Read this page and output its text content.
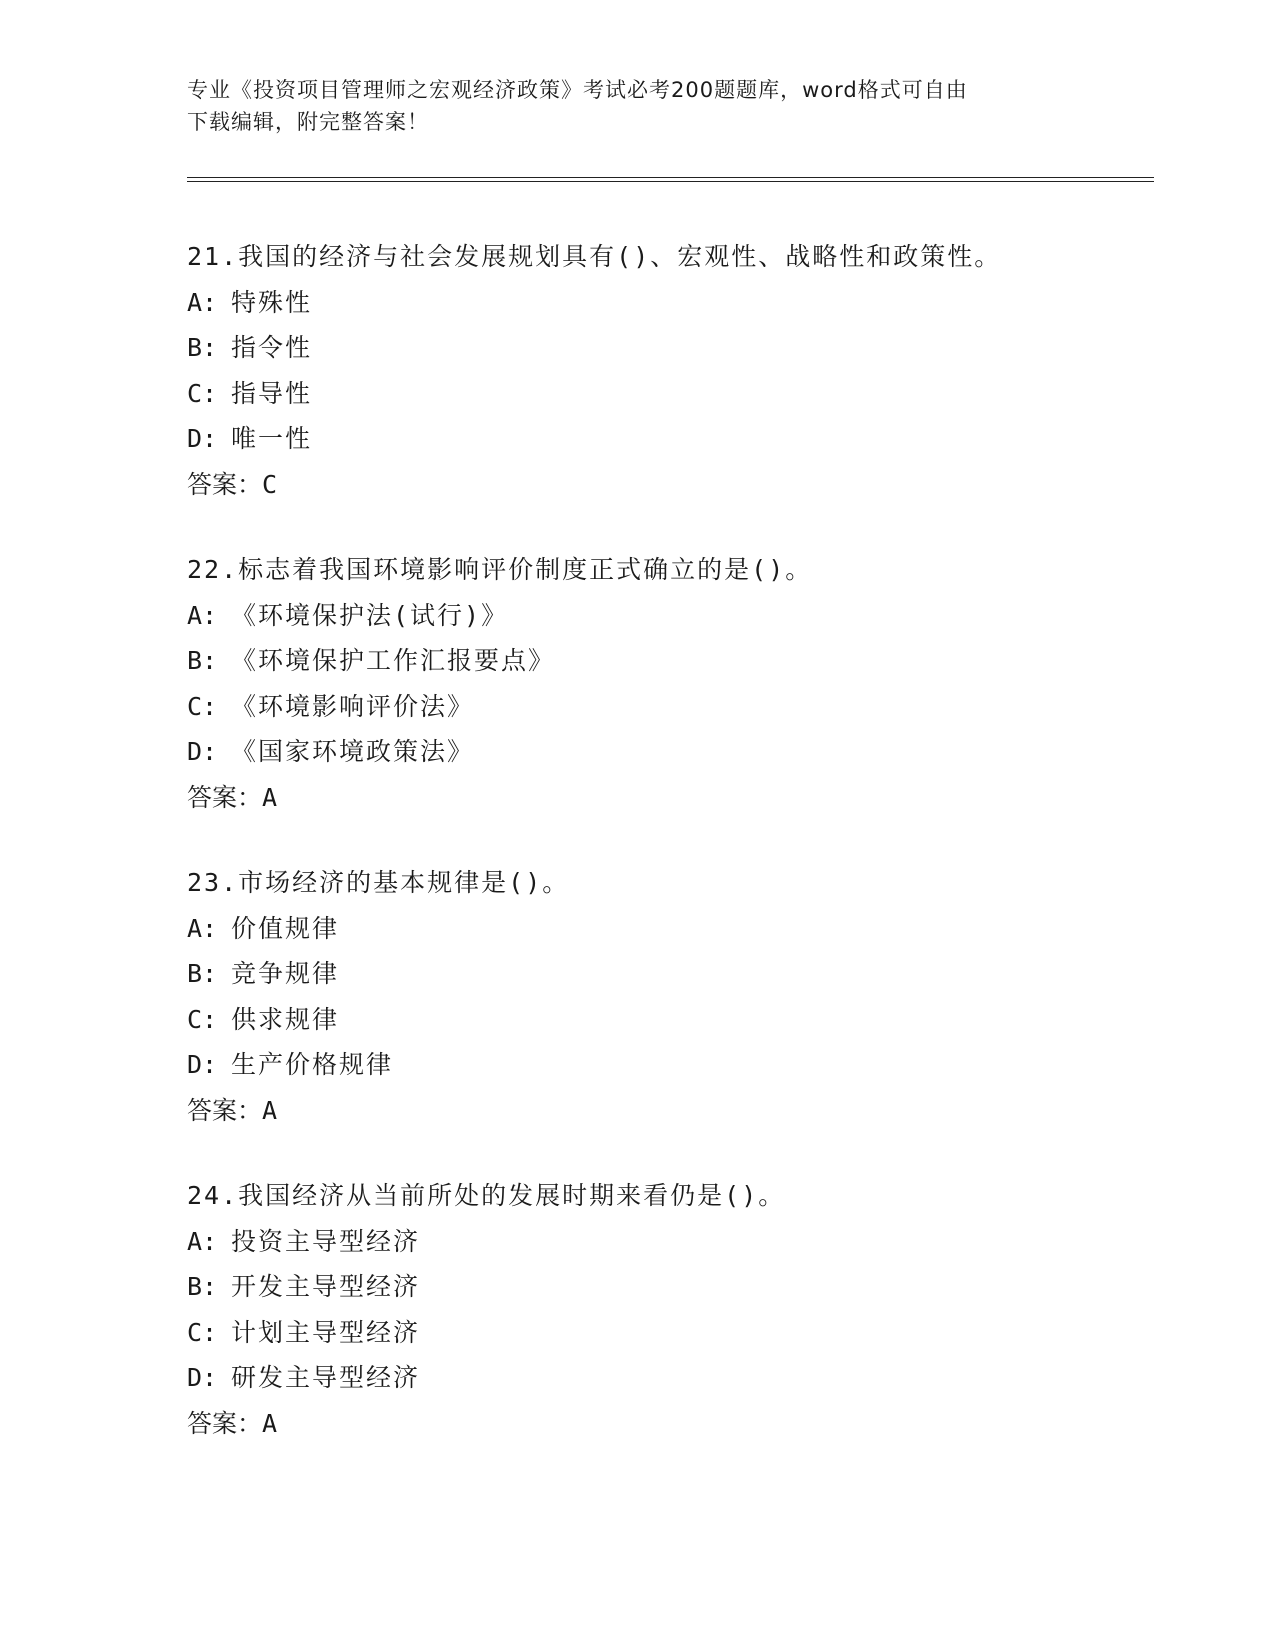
专业《投资项目管理师之宏观经济政策》考试必考200题题库，word格式可自由
下载编辑，附完整答案！
21.我国的经济与社会发展规划具有()、宏观性、战略性和政策性。
A: 特殊性
B: 指令性
C: 指导性
D: 唯一性
答案：C
22.标志着我国环境影响评价制度正式确立的是()。
A: 《环境保护法(试行)》
B: 《环境保护工作汇报要点》
C: 《环境影响评价法》
D: 《国家环境政策法》
答案：A
23.市场经济的基本规律是()。
A: 价值规律
B: 竞争规律
C: 供求规律
D: 生产价格规律
答案：A
24.我国经济从当前所处的发展时期来看仍是()。
A: 投资主导型经济
B: 开发主导型经济
C: 计划主导型经济
D: 研发主导型经济
答案：A
